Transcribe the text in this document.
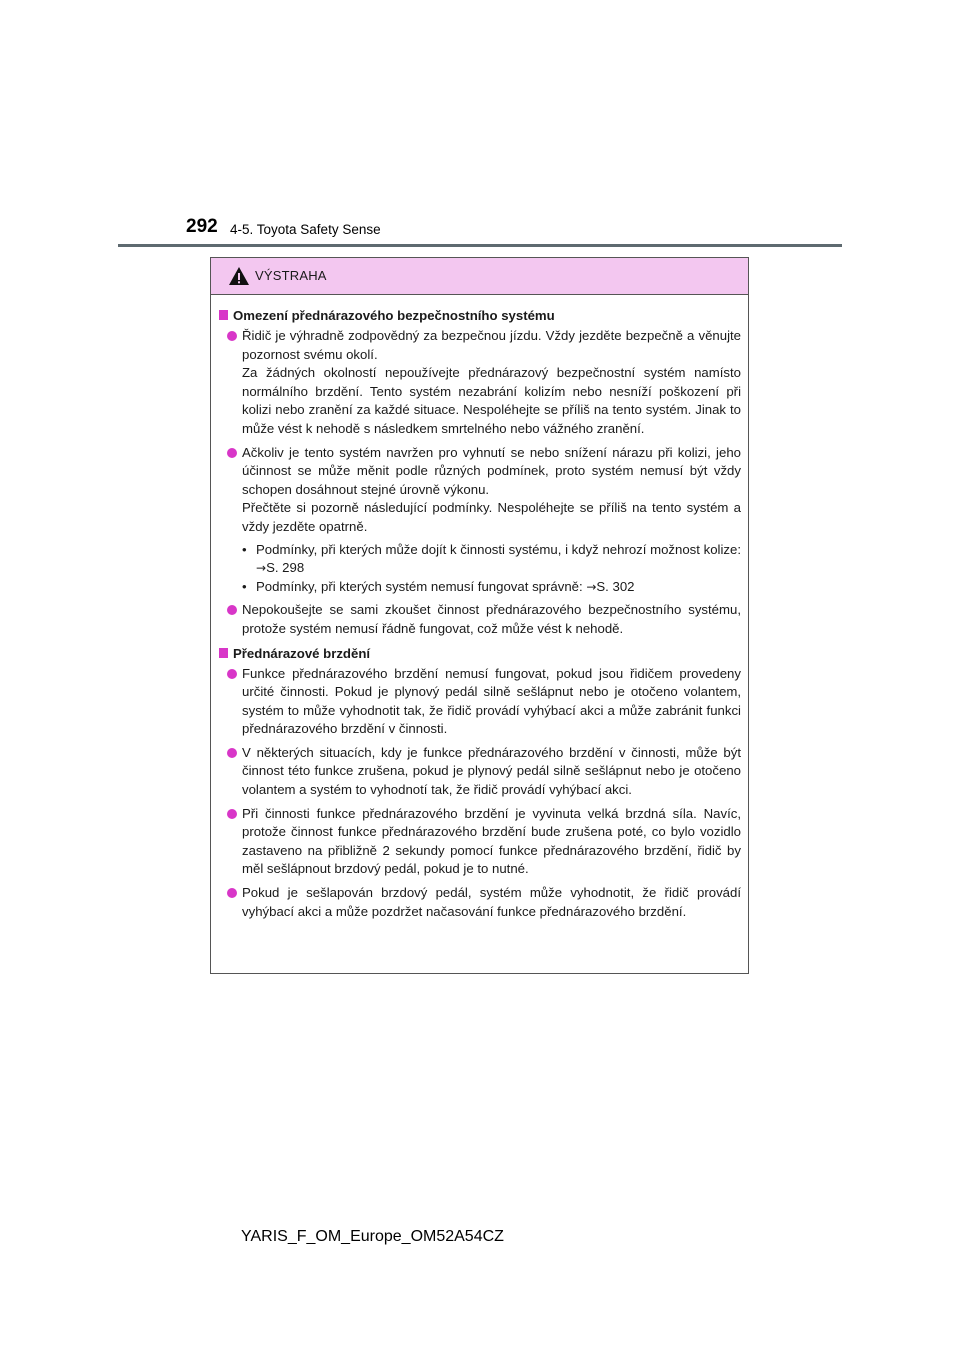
292 4-5. Toyota Safety Sense
VÝSTRAHA
Omezení přednárazového bezpečnostního systému
Řidič je výhradně zodpovědný za bezpečnou jízdu. Vždy jezděte bezpečně a věnujte pozornost svému okolí.
Za žádných okolností nepoužívejte přednárazový bezpečnostní systém namísto normálního brzdění. Tento systém nezabrání kolizím nebo nesníží poškození při kolizi nebo zranění za každé situace. Nespoléhejte se příliš na tento systém. Jinak to může vést k nehodě s následkem smrtelného nebo vážného zranění.
Ačkoliv je tento systém navržen pro vyhnutí se nebo snížení nárazu při kolizi, jeho účinnost se může měnit podle různých podmínek, proto systém nemusí být vždy schopen dosáhnout stejné úrovně výkonu.
Přečtěte si pozorně následující podmínky. Nespoléhejte se příliš na tento systém a vždy jezděte opatrně.
• Podmínky, při kterých může dojít k činnosti systému, i když nehrozí možnost kolize: →S. 298
• Podmínky, při kterých systém nemusí fungovat správně: →S. 302
Nepokoušejte se sami zkoušet činnost přednárazového bezpečnostního systému, protože systém nemusí řádně fungovat, což může vést k nehodě.
Přednárazové brzdění
Funkce přednárazového brzdění nemusí fungovat, pokud jsou řidičem provedeny určité činnosti. Pokud je plynový pedál silně sešlápnut nebo je otočeno volantem, systém to může vyhodnotit tak, že řidič provádí vyhýbací akci a může zabránit funkci přednárazového brzdění v činnosti.
V některých situacích, kdy je funkce přednárazového brzdění v činnosti, může být činnost této funkce zrušena, pokud je plynový pedál silně sešlápnut nebo je otočeno volantem a systém to vyhodnotí tak, že řidič provádí vyhýbací akci.
Při činnosti funkce přednárazového brzdění je vyvinuta velká brzdná síla. Navíc, protože činnost funkce přednárazového brzdění bude zrušena poté, co bylo vozidlo zastaveno na přibližně 2 sekundy pomocí funkce přednárazového brzdění, řidič by měl sešlápnout brzdový pedál, pokud je to nutné.
Pokud je sešlapován brzdový pedál, systém může vyhodnotit, že řidič provádí vyhýbací akci a může pozdržet načasování funkce přednárazového brzdění.
YARIS_F_OM_Europe_OM52A54CZ
